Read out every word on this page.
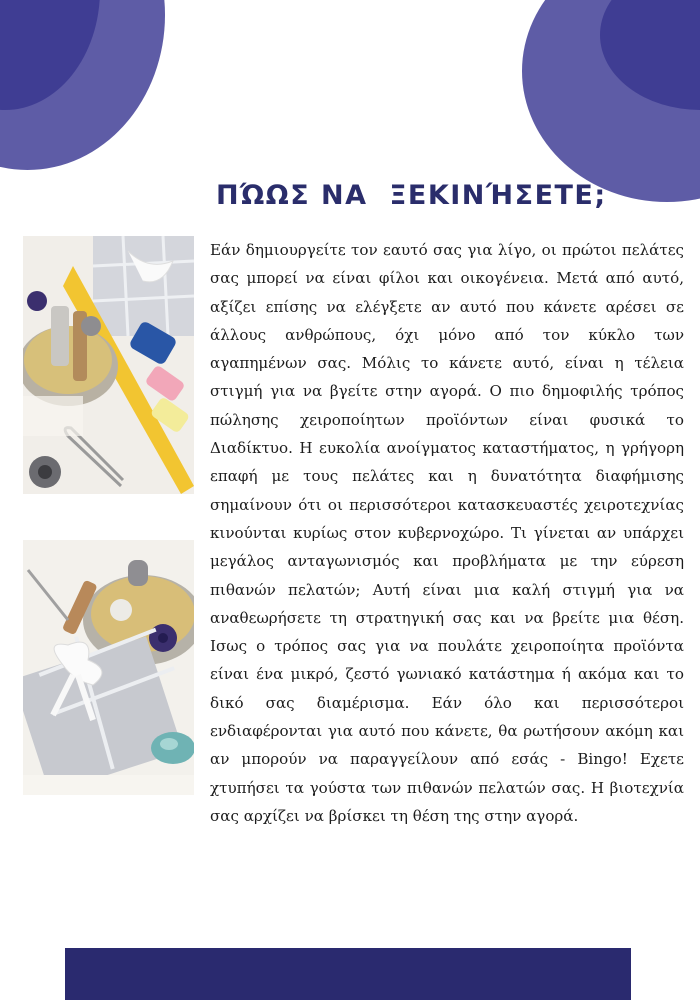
ΠΏΩΣ ΝΑ  ΞΕΚΙΝΉΣΕΤΕ;

Εάν δημιουργείτε τον εαυτό σας για λίγο, οι πρώτοι πελάτες σας μπορεί να είναι φίλοι και οικογένεια. Μετά από αυτό, αξίζει επίσης να ελέγξετε αν αυτό που κάνετε αρέσει σε άλλους ανθρώπους, όχι μόνο από τον κύκλο των αγαπημένων σας. Μόλις το κάνετε αυτό, είναι η τέλεια στιγμή για να βγείτε στην αγορά. Ο πιο δημοφιλής τρόπος πώλησης χειροποίητων προϊόντων είναι φυσικά το Διαδίκτυο. Η ευκολία ανοίγματος καταστήματος, η γρήγορη επαφή με τους πελάτες και η δυνατότητα διαφήμισης σημαίνουν ότι οι περισσότεροι κατασκευαστές χειροτεχνίας κινούνται κυρίως στον κυβερνοχώρο. Τι γίνεται αν υπάρχει μεγάλος ανταγωνισμός και προβλήματα με την εύρεση πιθανών πελατών; Αυτή είναι μια καλή στιγμή για να αναθεωρήσετε τη στρατηγική σας και να βρείτε μια θέση. Ισως ο τρόπος σας για να πουλάτε χειροποίητα προϊόντα είναι ένα μικρό, ζεστό γωνιακό κατάστημα ή ακόμα και το δικό σας διαμέρισμα. Εάν όλο και περισσότεροι ενδιαφέρονται για αυτό που κάνετε, θα ρωτήσουν ακόμη και αν μπορούν να παραγγείλουν από εσάς - Bingo! Εχετε χτυπήσει τα γούστα των πιθανών πελατών σας. Η βιοτεχνία σας αρχίζει να βρίσκει τη θέση της στην αγορά.
